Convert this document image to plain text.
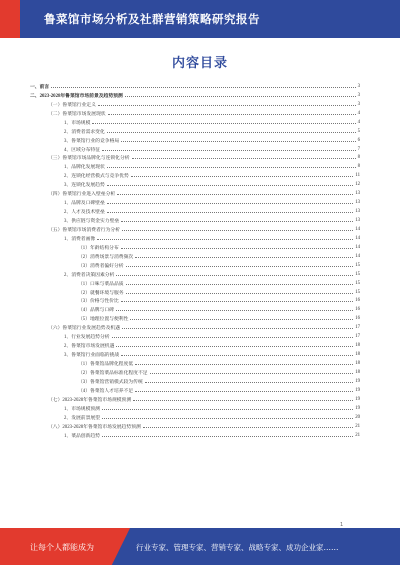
鲁菜馆市场分析及社群营销策略研究报告
内容目录
一、前言	3
二、2023-2028年鲁菜馆市场前景及趋势预测	3
（一）鲁菜馆行业定义	3
（二）鲁菜馆市场发展现状	4
1、市场规模	4
2、消费者需求变化	5
3、鲁菜馆行业的竞争格局	6
4、区域分布特征	7
（三）鲁菜馆市场品牌化与连锁化分析	8
1、品牌化发展现状	8
2、连锁化经营模式与竞争优势	11
3、连锁化发展趋势	12
（四）鲁菜馆行业进入壁垒分析	13
1、品牌及口碑壁垒	13
2、人才及技术壁垒	13
3、供应链与资金实力壁垒	13
（五）鲁菜馆市场消费者行为分析	14
1、消费者画像	14
（1）年龄结构分布	14
（2）消费场景与消费频次	14
（3）消费者偏好分析	15
2、消费者决策因素分析	15
（1）口味与菜品品质	15
（2）就餐环境与服务	15
（3）价格与性价比	16
（4）品牌与口碑	16
（5）地理位置与便利性	16
（六）鲁菜馆行业发展趋势及机遇	17
1、行业发展趋势分析	17
2、鲁菜馆市场发展机遇	18
3、鲁菜馆行业面临的挑战	18
（1）鲁菜馆品牌化程度低	18
（2）鲁菜馆菜品标准化程度不足	18
（3）鲁菜馆营销模式较为传统	19
（4）鲁菜馆人才培养不足	19
（七）2023-2028年鲁菜馆市场规模预测	19
1、市场规模预测	19
2、发展前景展望	20
（八）2023-2028年鲁菜馆市场发展趋势预测	21
1、菜品创新趋势	21
1
让每个人都能成为	行业专家、管理专家、营销专家、战略专家、成功企业家……
